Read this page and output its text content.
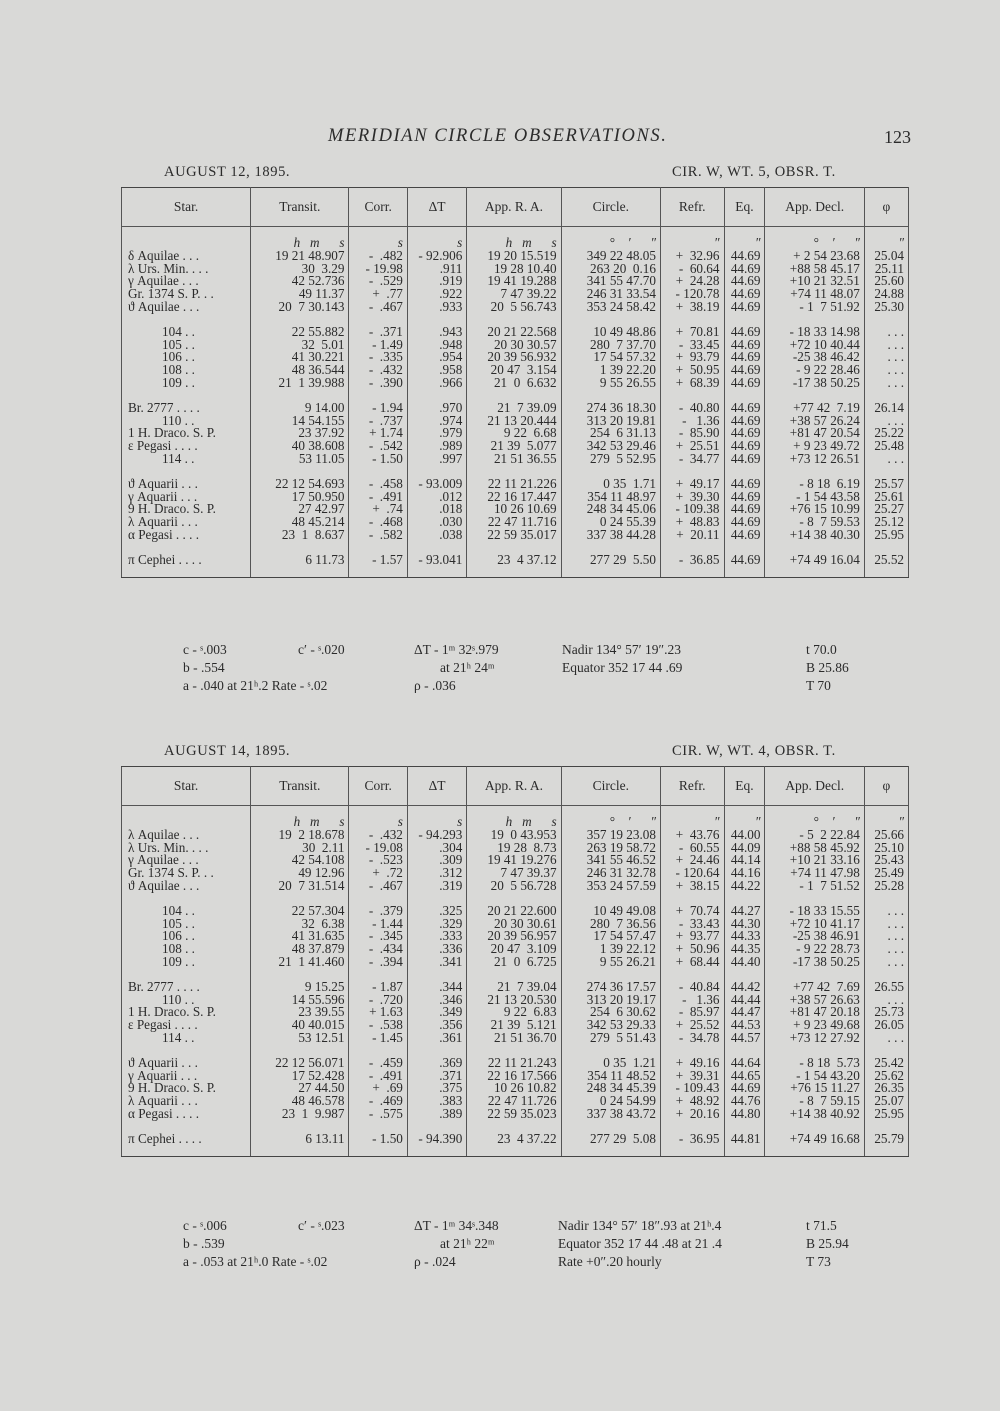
MERIDIAN CIRCLE OBSERVATIONS.	123
AUGUST 12, 1895.	CIR. W, WT. 5, OBSR. T.
Star.	Transit.	Corr.	ΔT	App. R. A.	Circle.	Refr.	Eq.	App. Decl.	φ
	h   m      s	s	s	h   m      s	°    ′      ″	″	″	°    ′      ″	″
δ Aquilae . . .	19 21 48.907	-  .482	- 92.906	19 20 15.519	349 22 48.05	+  32.96	44.69	+ 2 54 23.68	25.04
λ Urs. Min. . . .	30  3.29	- 19.98	.911	19 28 10.40	263 20  0.16	-  60.64	44.69	+88 58 45.17	25.11
γ Aquilae . . .	42 52.736	-  .529	.919	19 41 19.288	341 55 47.70	+  24.28	44.69	+10 21 32.51	25.60
Gr. 1374 S. P. . .	49 11.37	+  .77	.922	7 47 39.22	246 31 33.54	- 120.78	44.69	+74 11 48.07	24.88
ϑ Aquilae . . .	20  7 30.143	-  .467	.933	20  5 56.743	353 24 58.42	+  38.19	44.69	- 1  7 51.92	25.30
104 . .	22 55.882	-  .371	.943	20 21 22.568	10 49 48.86	+  70.81	44.69	- 18 33 14.98	. . .
105 . .	32  5.01	- 1.49	.948	20 30 30.57	280  7 37.70	-  33.45	44.69	+72 10 40.44	. . .
106 . .	41 30.221	-  .335	.954	20 39 56.932	17 54 57.32	+  93.79	44.69	-25 38 46.42	. . .
108 . .	48 36.544	-  .432	.958	20 47  3.154	1 39 22.20	+  50.95	44.69	- 9 22 28.46	. . .
109 . .	21  1 39.988	-  .390	.966	21  0  6.632	9 55 26.55	+  68.39	44.69	-17 38 50.25	. . .
Br. 2777 . . . .	9 14.00	- 1.94	.970	21  7 39.09	274 36 18.30	-  40.80	44.69	+77 42  7.19	26.14
110 . .	14 54.155	-  .737	.974	21 13 20.444	313 20 19.81	-   1.36	44.69	+38 57 26.24	. . .
1 H. Draco. S. P.	23 37.92	+ 1.74	.979	9 22  6.68	254  6 31.13	-  85.90	44.69	+81 47 20.54	25.22
ε Pegasi . . . .	40 38.608	-  .542	.989	21 39  5.077	342 53 29.46	+  25.51	44.69	+ 9 23 49.72	25.48
114 . .	53 11.05	- 1.50	.997	21 51 36.55	279  5 52.95	-  34.77	44.69	+73 12 26.51	. . .
ϑ Aquarii . . .	22 12 54.693	-  .458	- 93.009	22 11 21.226	0 35  1.71	+  49.17	44.69	- 8 18  6.19	25.57
γ Aquarii . . .	17 50.950	-  .491	.012	22 16 17.447	354 11 48.97	+  39.30	44.69	- 1 54 43.58	25.61
9 H. Draco. S. P.	27 42.97	+  .74	.018	10 26 10.69	248 34 45.06	- 109.38	44.69	+76 15 10.99	25.27
λ Aquarii . . .	48 45.214	-  .468	.030	22 47 11.716	0 24 55.39	+  48.83	44.69	- 8  7 59.53	25.12
α Pegasi . . . .	23  1  8.637	-  .582	.038	22 59 35.017	337 38 44.28	+  20.11	44.69	+14 38 40.30	25.95
π Cephei . . . .	6 11.73	- 1.57	- 93.041	23  4 37.12	277 29  5.50	-  36.85	44.69	+74 49 16.04	25.52
c - ˢ.003	c′ - ˢ.020
b - .554
a - .040 at 21ʰ.2 Rate - ˢ.02
ΔT - 1ᵐ 32ˢ.979
at 21ʰ 24ᵐ
ρ - .036
Nadir 134° 57′ 19″.23
Equator 352 17 44 .69
t 70.0
B 25.86
T 70
AUGUST 14, 1895.	CIR. W, WT. 4, OBSR. T.
Star.	Transit.	Corr.	ΔT	App. R. A.	Circle.	Refr.	Eq.	App. Decl.	φ
	h   m      s	s	s	h   m      s	°    ′      ″	″	″	°    ′      ″	″
λ Aquilae . . .	19  2 18.678	-  .432	- 94.293	19  0 43.953	357 19 23.08	+  43.76	44.00	- 5  2 22.84	25.66
λ Urs. Min. . . .	30  2.11	- 19.08	.304	19 28  8.73	263 19 58.72	-  60.55	44.09	+88 58 45.92	25.10
γ Aquilae . . .	42 54.108	-  .523	.309	19 41 19.276	341 55 46.52	+  24.46	44.14	+10 21 33.16	25.43
Gr. 1374 S. P. . .	49 12.96	+  .72	.312	7 47 39.37	246 31 32.78	- 120.64	44.16	+74 11 47.98	25.49
ϑ Aquilae . . .	20  7 31.514	-  .467	.319	20  5 56.728	353 24 57.59	+  38.15	44.22	- 1  7 51.52	25.28
104 . .	22 57.304	-  .379	.325	20 21 22.600	10 49 49.08	+  70.74	44.27	- 18 33 15.55	. . .
105 . .	32  6.38	- 1.44	.329	20 30 30.61	280  7 36.56	-  33.43	44.30	+72 10 41.17	. . .
106 . .	41 31.635	-  .345	.333	20 39 56.957	17 54 57.47	+  93.77	44.33	-25 38 46.91	. . .
108 . .	48 37.879	-  .434	.336	20 47  3.109	1 39 22.12	+  50.96	44.35	- 9 22 28.73	. . .
109 . .	21  1 41.460	-  .394	.341	21  0  6.725	9 55 26.21	+  68.44	44.40	-17 38 50.25	. . .
Br. 2777 . . . .	9 15.25	- 1.87	.344	21  7 39.04	274 36 17.57	-  40.84	44.42	+77 42  7.69	26.55
110 . .	14 55.596	-  .720	.346	21 13 20.530	313 20 19.17	-   1.36	44.44	+38 57 26.63	. . .
1 H. Draco. S. P.	23 39.55	+ 1.63	.349	9 22  6.83	254  6 30.62	-  85.97	44.47	+81 47 20.18	25.73
ε Pegasi . . . .	40 40.015	-  .538	.356	21 39  5.121	342 53 29.33	+  25.52	44.53	+ 9 23 49.68	26.05
114 . .	53 12.51	- 1.45	.361	21 51 36.70	279  5 51.43	-  34.78	44.57	+73 12 27.92	. . .
ϑ Aquarii . . .	22 12 56.071	-  .459	.369	22 11 21.243	0 35  1.21	+  49.16	44.64	- 8 18  5.73	25.42
γ Aquarii . . .	17 52.428	-  .491	.371	22 16 17.566	354 11 48.52	+  39.31	44.65	- 1 54 43.20	25.62
9 H. Draco. S. P.	27 44.50	+  .69	.375	10 26 10.82	248 34 45.39	- 109.43	44.69	+76 15 11.27	26.35
λ Aquarii . . .	48 46.578	-  .469	.383	22 47 11.726	0 24 54.99	+  48.92	44.76	- 8  7 59.15	25.07
α Pegasi . . . .	23  1  9.987	-  .575	.389	22 59 35.023	337 38 43.72	+  20.16	44.80	+14 38 40.92	25.95
π Cephei . . . .	6 13.11	- 1.50	- 94.390	23  4 37.22	277 29  5.08	-  36.95	44.81	+74 49 16.68	25.79
c - ˢ.006	c′ - ˢ.023
b - .539
a - .053 at 21ʰ.0 Rate - ˢ.02
ΔT - 1ᵐ 34ˢ.348
at 21ʰ 22ᵐ
ρ - .024
Nadir 134° 57′ 18″.93 at 21ʰ.4
Equator 352 17 44 .48 at 21 .4
Rate +0″.20 hourly
t 71.5
B 25.94
T 73
